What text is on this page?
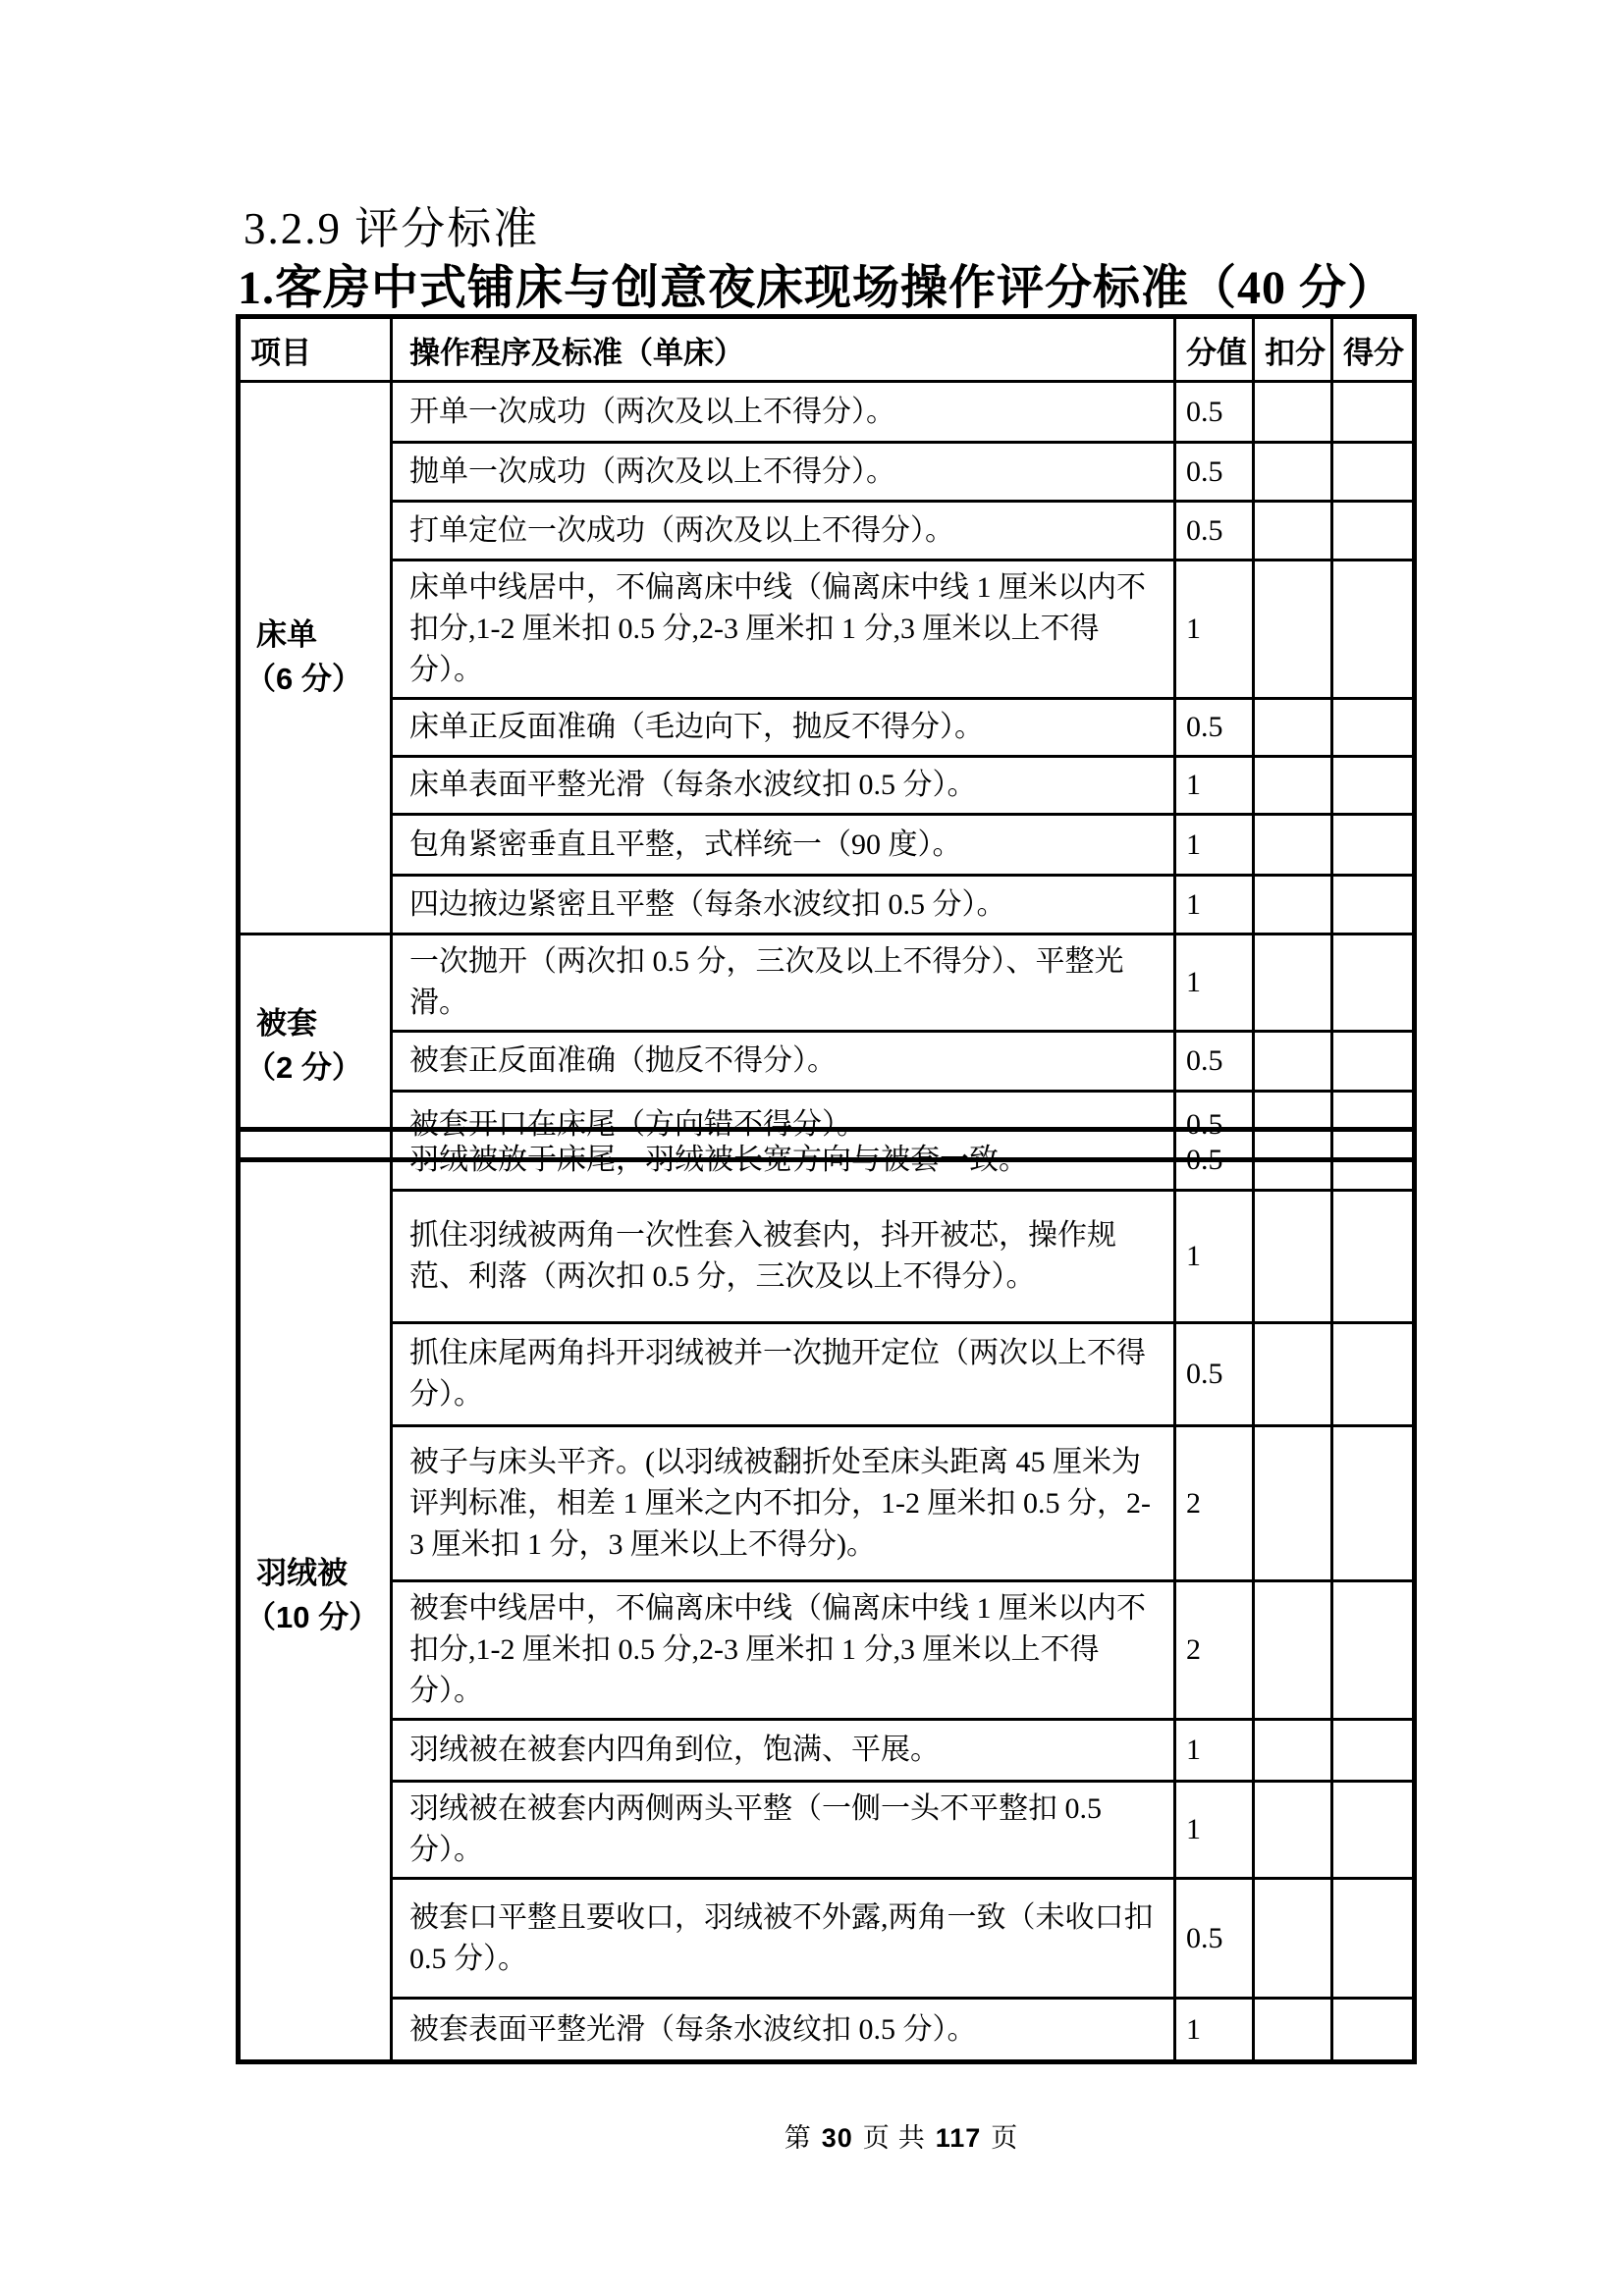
3.2.9 评分标准
1.客房中式铺床与创意夜床现场操作评分标准（40 分）
项目	操作程序及标准（单床）	分值	扣分	得分

床单
（6 分）	开单一次成功（两次及以上不得分）。	0.5		
	抛单一次成功（两次及以上不得分）。	0.5		
	打单定位一次成功（两次及以上不得分）。	0.5		
	床单中线居中，不偏离床中线（偏离床中线 1 厘米以内不扣分,1-2 厘米扣 0.5 分,2-3 厘米扣 1 分,3 厘米以上不得分）。	1		
	床单正反面准确（毛边向下，抛反不得分）。	0.5		
	床单表面平整光滑（每条水波纹扣 0.5 分）。	1		
	包角紧密垂直且平整，式样统一（90 度）。	1		
	四边掖边紧密且平整（每条水波纹扣 0.5 分）。	1		

被套
（2 分）	一次抛开（两次扣 0.5 分，三次及以上不得分）、平整光滑。	1		
	被套正反面准确（抛反不得分）。	0.5		
	被套开口在床尾（方向错不得分）。	0.5		
羽绒被
（10 分）	羽绒被放于床尾，羽绒被长宽方向与被套一致。	0.5		
	抓住羽绒被两角一次性套入被套内，抖开被芯，操作规范、利落（两次扣 0.5 分，三次及以上不得分）。	1		
	抓住床尾两角抖开羽绒被并一次抛开定位（两次以上不得分）。	0.5		
	被子与床头平齐。(以羽绒被翻折处至床头距离 45 厘米为评判标准，相差 1 厘米之内不扣分，1-2 厘米扣 0.5 分，2-3 厘米扣 1 分，3 厘米以上不得分)。	2		
	被套中线居中，不偏离床中线（偏离床中线 1 厘米以内不扣分,1-2 厘米扣 0.5 分,2-3 厘米扣 1 分,3 厘米以上不得分）。	2		
	羽绒被在被套内四角到位，饱满、平展。	1		
	羽绒被在被套内两侧两头平整（一侧一头不平整扣 0.5 分）。	1		
	被套口平整且要收口，羽绒被不外露,两角一致（未收口扣 0.5 分）。	0.5		
	被套表面平整光滑（每条水波纹扣 0.5 分）。	1		
第 30 页 共 117 页
